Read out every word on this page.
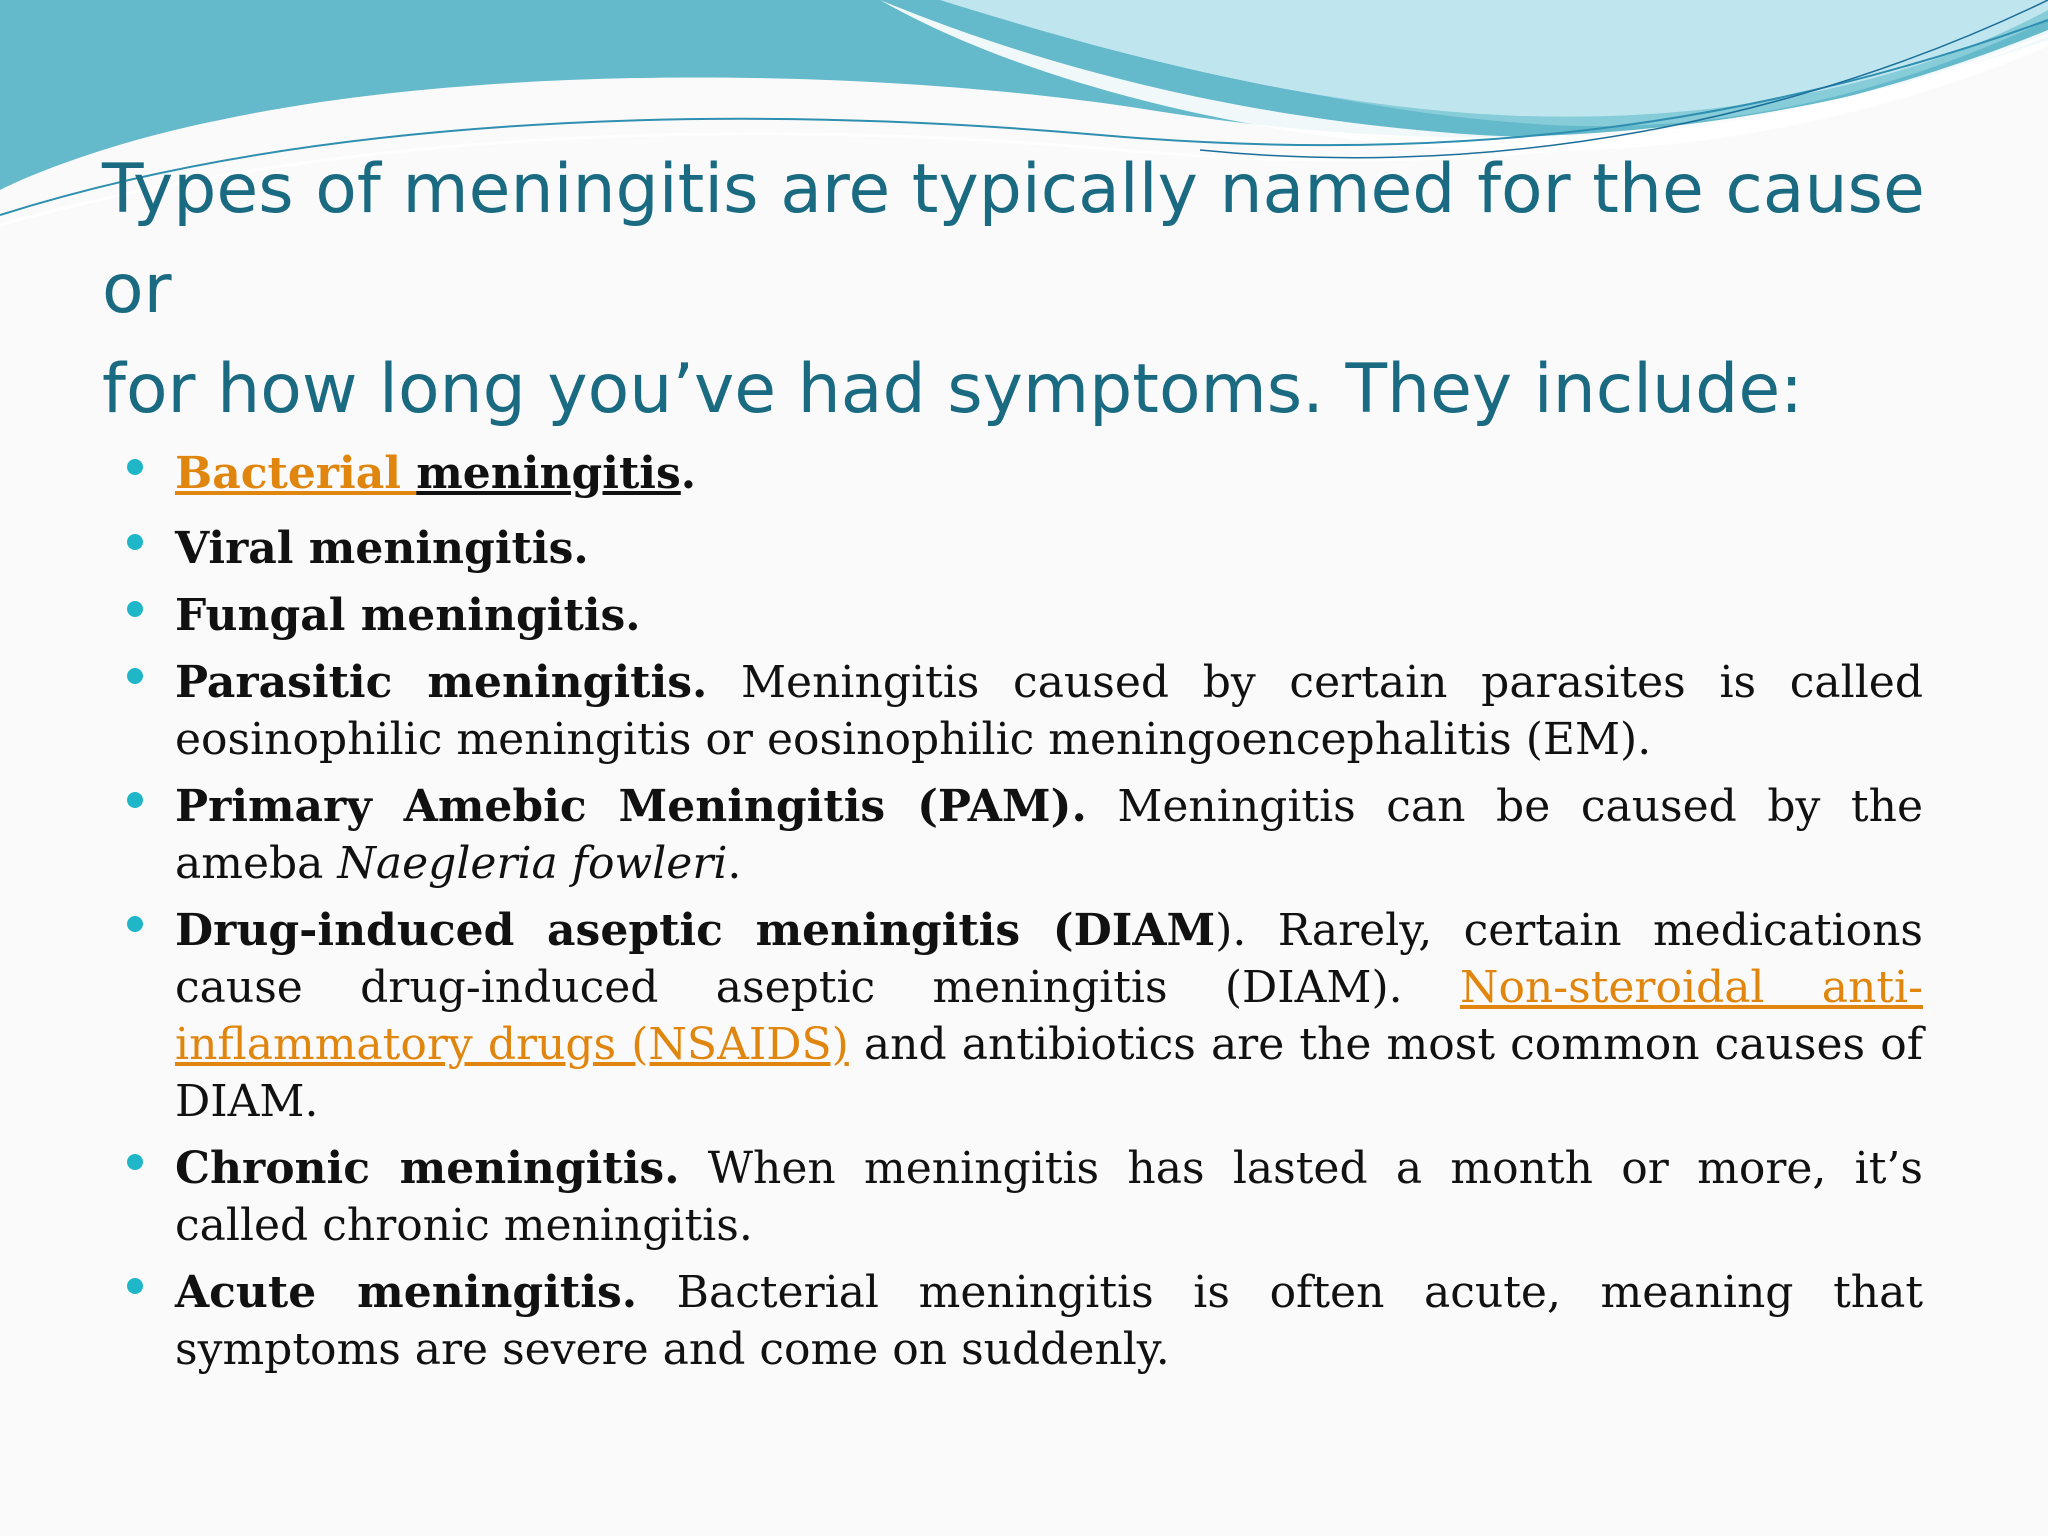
Types of meningitis are typically named for the cause or
for how long you’ve had symptoms. They include:
Bacterial meningitis.
Viral meningitis.
Fungal meningitis.
Parasitic meningitis. Meningitis caused by certain parasites is called eosinophilic meningitis or eosinophilic meningoencephalitis (EM).
Primary Amebic Meningitis (PAM). Meningitis can be caused by the ameba Naegleria fowleri.
Drug-induced aseptic meningitis (DIAM). Rarely, certain medications cause drug-induced aseptic meningitis (DIAM). Non-steroidal anti-inflammatory drugs (NSAIDS) and antibiotics are the most common causes of DIAM.
Chronic meningitis. When meningitis has lasted a month or more, it’s called chronic meningitis.
Acute meningitis. Bacterial meningitis is often acute, meaning that symptoms are severe and come on suddenly.
